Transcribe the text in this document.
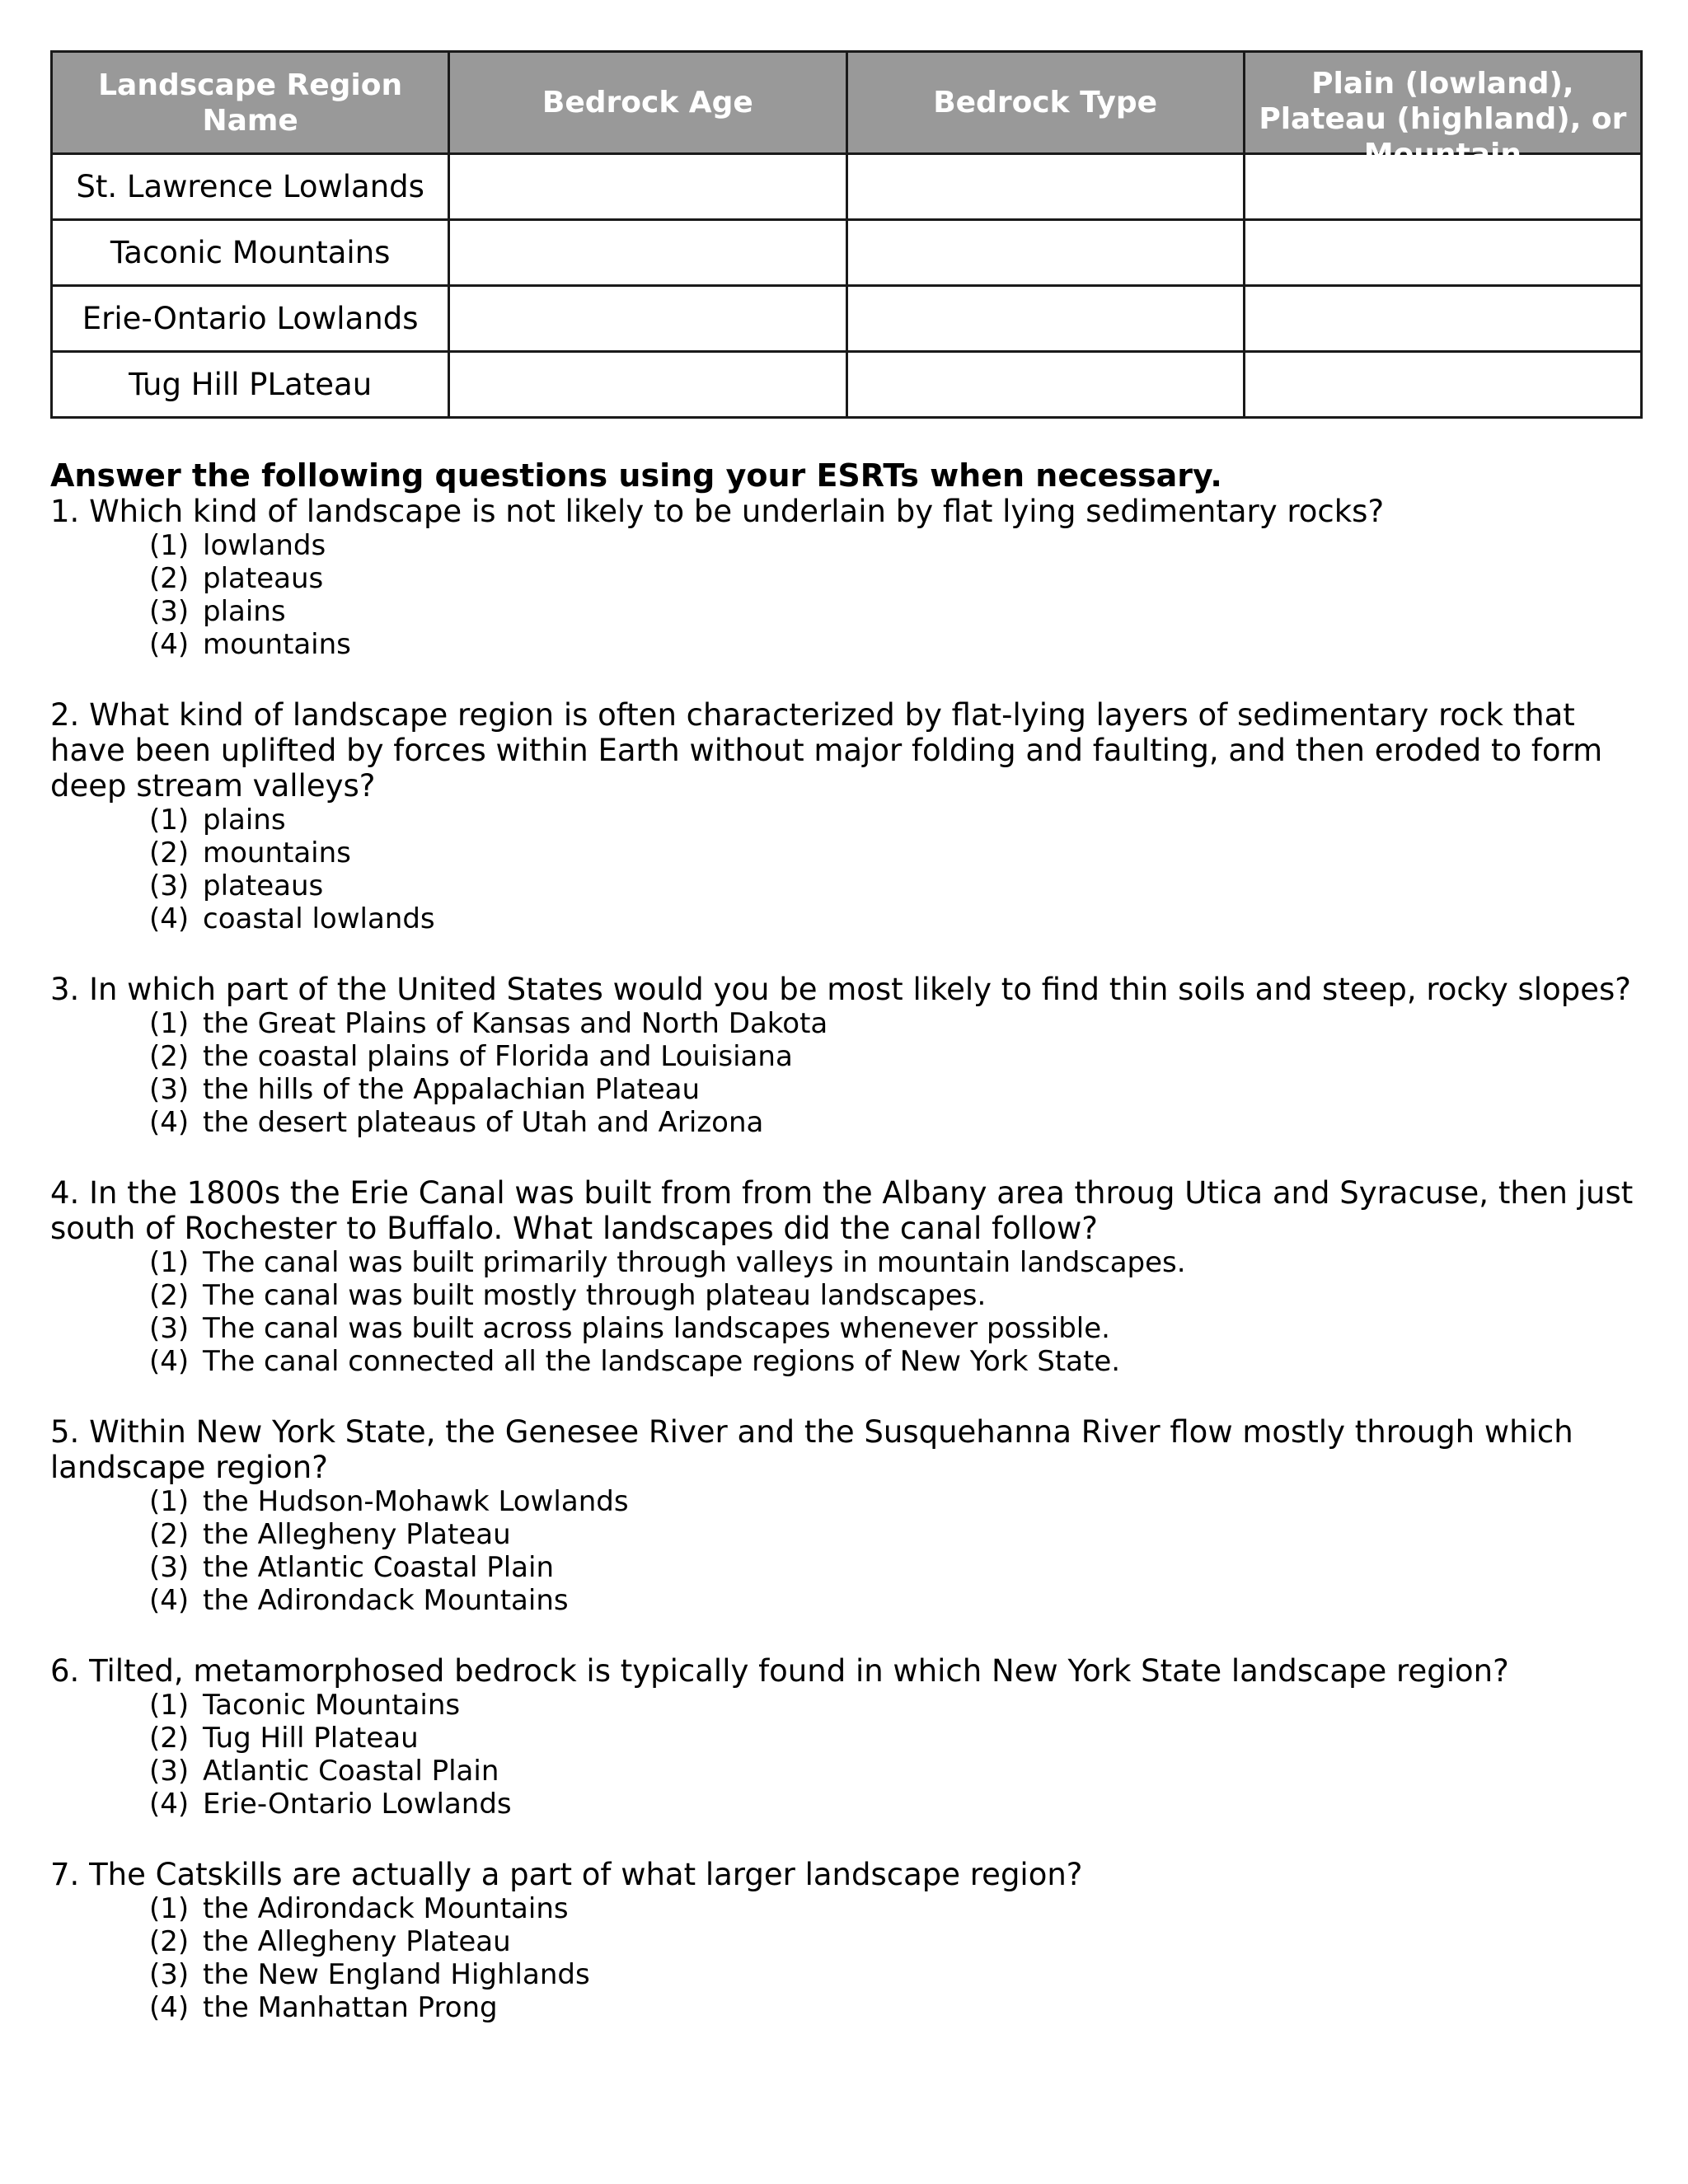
Landscape Region Name	Bedrock Age	Bedrock Type	Plain (lowland), Plateau (highland), or Mountain

St. Lawrence Lowlands			
Taconic Mountains			
Erie-Ontario Lowlands			
Tug Hill PLateau			

Answer the following questions using your ESRTs when necessary.

1. Which kind of landscape is not likely to be underlain by flat lying sedimentary rocks?

(1) lowlands
(2) plateaus
(3) plains
(4) mountains

2. What kind of landscape region is often characterized by flat-lying layers of sedimentary rock that have been uplifted by forces within Earth without major folding and faulting, and then eroded to form deep stream valleys?

(1) plains
(2) mountains
(3) plateaus
(4) coastal lowlands

3. In which part of the United States would you be most likely to find thin soils and steep, rocky slopes?

(1) the Great Plains of Kansas and North Dakota
(2) the coastal plains of Florida and Louisiana
(3) the hills of the Appalachian Plateau
(4) the desert plateaus of Utah and Arizona

4. In the 1800s the Erie Canal was built from from the Albany area throug Utica and Syracuse, then just south of Rochester to Buffalo. What landscapes did the canal follow?

(1) The canal was built primarily through valleys in mountain landscapes.
(2) The canal was built mostly through plateau landscapes.
(3) The canal was built across plains landscapes whenever possible.
(4) The canal connected all the landscape regions of New York State.

5. Within New York State, the Genesee River and the Susquehanna River flow mostly through which landscape region?

(1) the Hudson-Mohawk Lowlands
(2) the Allegheny Plateau
(3) the Atlantic Coastal Plain
(4) the Adirondack Mountains

6. Tilted, metamorphosed bedrock is typically found in which New York State landscape region?

(1) Taconic Mountains
(2) Tug Hill Plateau
(3) Atlantic Coastal Plain
(4) Erie-Ontario Lowlands

7. The Catskills are actually a part of what larger landscape region?

(1) the Adirondack Mountains
(2) the Allegheny Plateau
(3) the New England Highlands
(4) the Manhattan Prong
